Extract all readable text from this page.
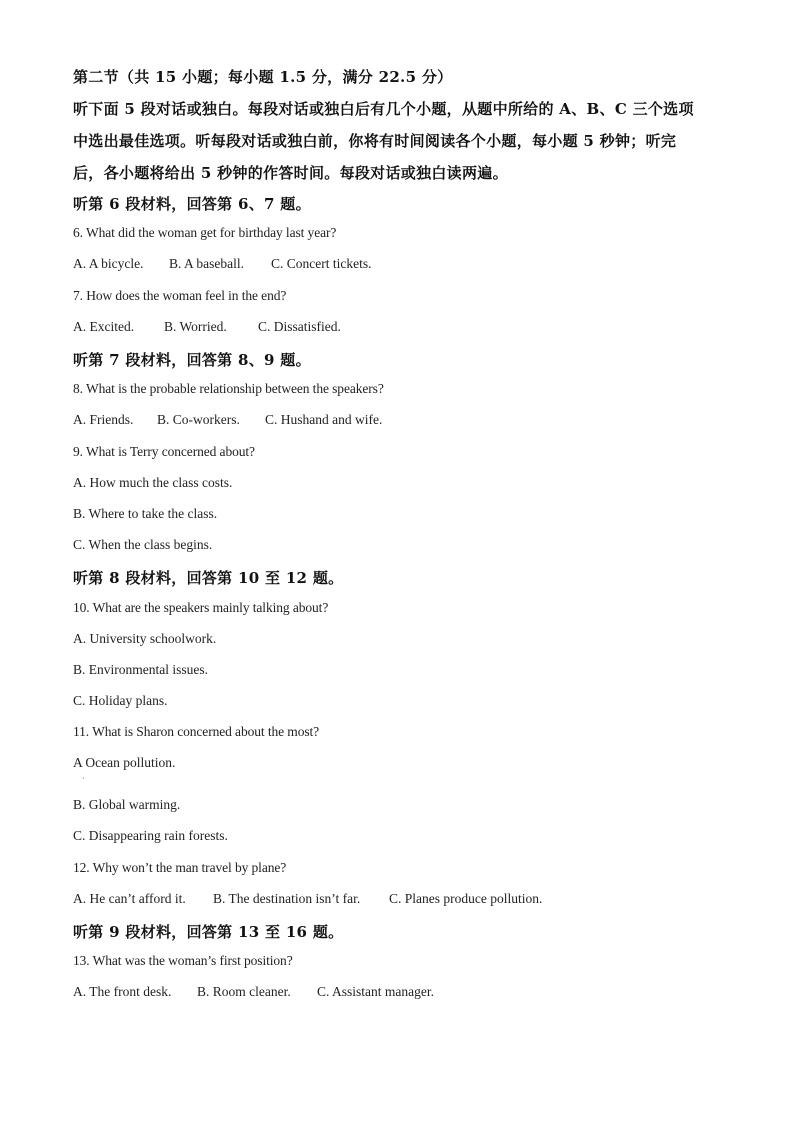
第二节（共 15 小题；每小题 1.5 分，满分 22.5 分）

听下面 5 段对话或独白。每段对话或独白后有几个小题，从题中所给的 A、B、C 三个选项

中选出最佳选项。听每段对话或独白前，你将有时间阅读各个小题，每小题 5 秒钟；听完

后，各小题将给出 5 秒钟的作答时间。每段对话或独白读两遍。

听第 6 段材料，回答第 6、7 题。

6. What did the woman get for birthday last year?

A. A bicycle. B. A baseball. C. Concert tickets.

7. How does the woman feel in the end?

A. Excited. B. Worried. C. Dissatisfied.

听第 7 段材料，回答第 8、9 题。

8. What is the probable relationship between the speakers?

A. Friends. B. Co-workers. C. Hushand and wife.

9. What is Terry concerned about?

A. How much the class costs.

B. Where to take the class.

C. When the class begins.

听第 8 段材料，回答第 10 至 12 题。

10. What are the speakers mainly talking about?

A. University schoolwork.

B. Environmental issues.

C. Holiday plans.

11. What is Sharon concerned about the most?

A Ocean pollution.

·

B. Global warming.

C. Disappearing rain forests.

12. Why won’t the man travel by plane?

A. He can’t afford it. B. The destination isn’t far. C. Planes produce pollution.

听第 9 段材料，回答第 13 至 16 题。

13. What was the woman’s first position?

A. The front desk. B. Room cleaner. C. Assistant manager.
